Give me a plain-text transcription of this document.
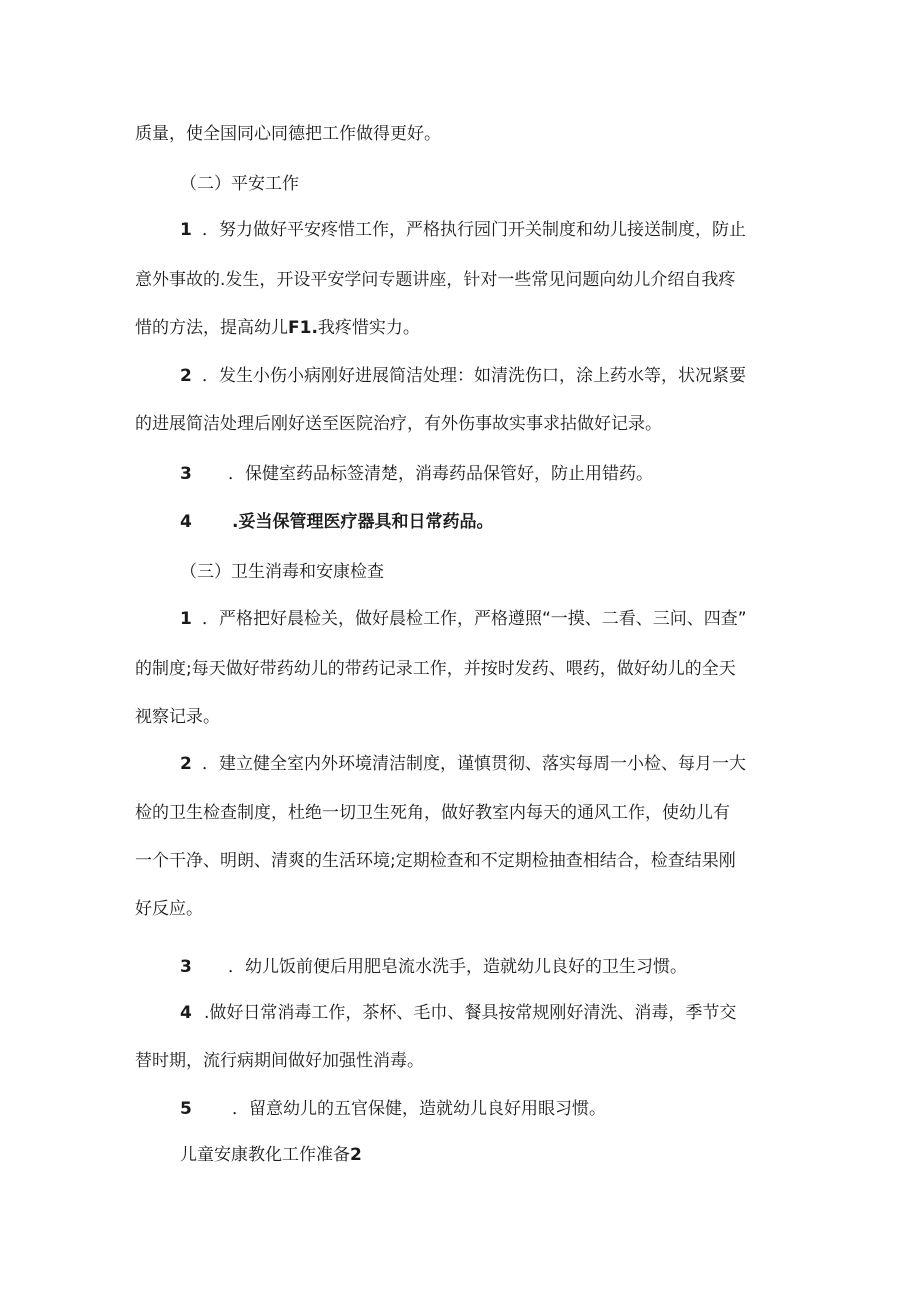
质量，使全国同心同德把工作做得更好。
（二）平安工作
1 ．努力做好平安疼惜工作，严格执行园门开关制度和幼儿接送制度，防止
意外事故的.发生，开设平安学问专题讲座，针对一些常见问题向幼儿介绍自我疼
惜的方法，提高幼儿F1.我疼惜实力。
2 ．发生小伤小病刚好进展简洁处理：如清洗伤口，涂上药水等，状况紧要
的进展简洁处理后刚好送至医院治疗，有外伤事故实事求拈做好记录。
3 ．保健室药品标签清楚，消毒药品保管好，防止用错药。
4 .妥当保管理医疗器具和日常药品。
（三）卫生消毒和安康检查
1 ．严格把好晨检关，做好晨检工作，严格遵照“一摸、二看、三问、四查”
的制度;每天做好带药幼儿的带药记录工作，并按时发药、喂药，做好幼儿的全天
视察记录。
2 ．建立健全室内外环境清洁制度，谨慎贯彻、落实每周一小检、每月一大
检的卫生检查制度，杜绝一切卫生死角，做好教室内每天的通风工作，使幼儿有
一个干净、明朗、清爽的生活环境;定期检查和不定期检抽查相结合，检查结果刚
好反应。
3 ．幼儿饭前便后用肥皂流水洗手，造就幼儿良好的卫生习惯。
4 .做好日常消毒工作，茶杯、毛巾、餐具按常规刚好清洗、消毒，季节交
替时期，流行病期间做好加强性消毒。
5 ．留意幼儿的五官保健，造就幼儿良好用眼习惯。
儿童安康教化工作准备2
